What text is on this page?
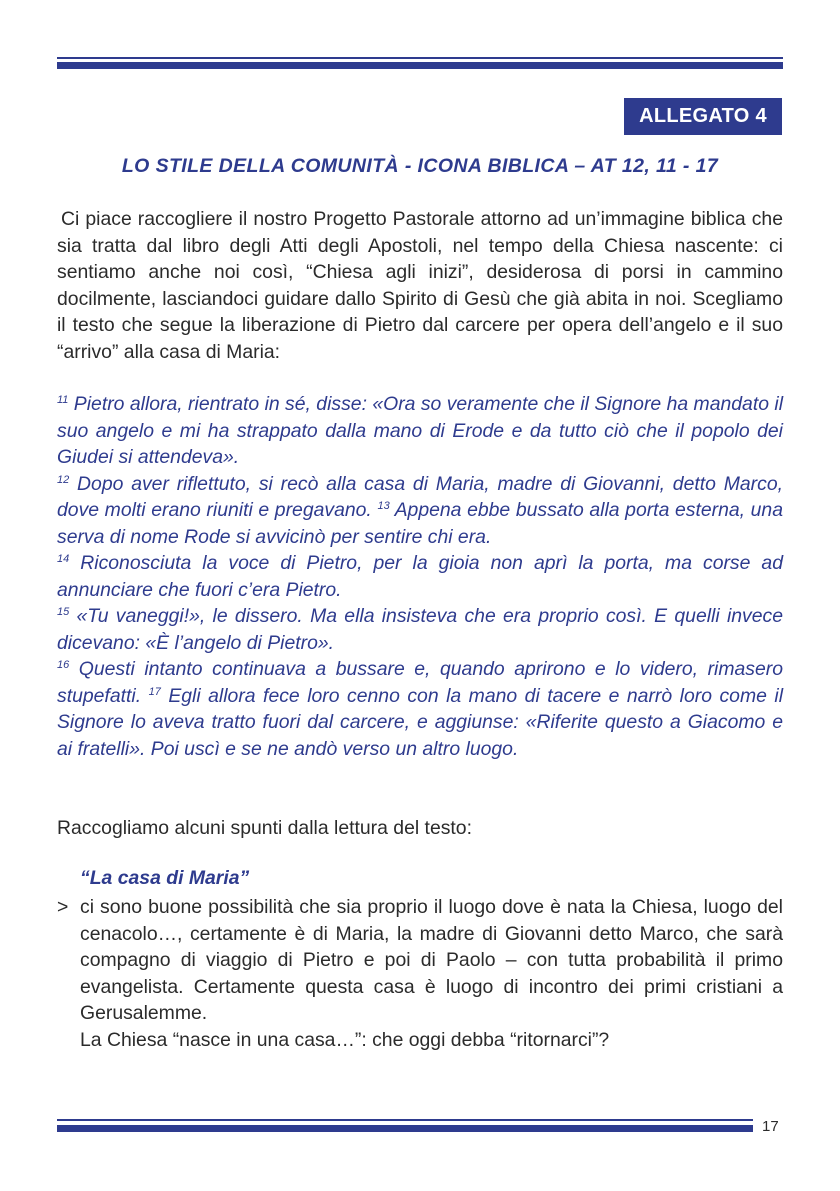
ALLEGATO 4
LO STILE DELLA COMUNITÀ - ICONA BIBLICA – AT 12, 11 - 17

Ci piace raccogliere il nostro Progetto Pastorale attorno ad un’immagine biblica che sia tratta dal libro degli Atti degli Apostoli, nel tempo della Chiesa nascente: ci sentiamo anche noi così, “Chiesa agli inizi”, desiderosa di porsi in cammino docilmente, lasciandoci guidare dallo Spirito di Gesù che già abita in noi. Scegliamo il testo che segue la liberazione di Pietro dal carcere per opera dell’angelo e il suo “arrivo” alla casa di Maria:

$^{11}$ Pietro allora, rientrato in sé, disse: «Ora so veramente che il Signore ha mandato il suo angelo e mi ha strappato dalla mano di Erode e da tutto ciò che il popolo dei Giudei si attendeva».

$^{12}$ Dopo aver riflettuto, si recò alla casa di Maria, madre di Giovanni, detto Marco, dove molti erano riuniti e pregavano. $^{13}$ Appena ebbe bussato alla porta esterna, una serva di nome Rode si avvicinò per sentire chi era.

$^{14}$ Riconosciuta la voce di Pietro, per la gioia non aprì la porta, ma corse ad annunciare che fuori c’era Pietro.

$^{15}$ «Tu vaneggi!», le dissero. Ma ella insisteva che era proprio così. E quelli invece dicevano: «È l’angelo di Pietro».

$^{16}$ Questi intanto continuava a bussare e, quando aprirono e lo videro, rimasero stupefatti. $^{17}$ Egli allora fece loro cenno con la mano di tacere e narrò loro come il Signore lo aveva tratto fuori dal carcere, e aggiunse: «Riferite questo a Giacomo e ai fratelli». Poi uscì e se ne andò verso un altro luogo.

Raccogliamo alcuni spunti dalla lettura del testo:
“La casa di Maria”
> ci sono buone possibilità che sia proprio il luogo dove è nata la Chiesa, luogo del cenacolo…, certamente è di Maria, la madre di Giovanni detto Marco, che sarà compagno di viaggio di Pietro e poi di Paolo – con tutta probabilità il primo evangelista. Certamente questa casa è luogo di incontro dei primi cristiani a Gerusalemme.

La Chiesa “nasce in una casa…”: che oggi debba “ritornarci”?

17
